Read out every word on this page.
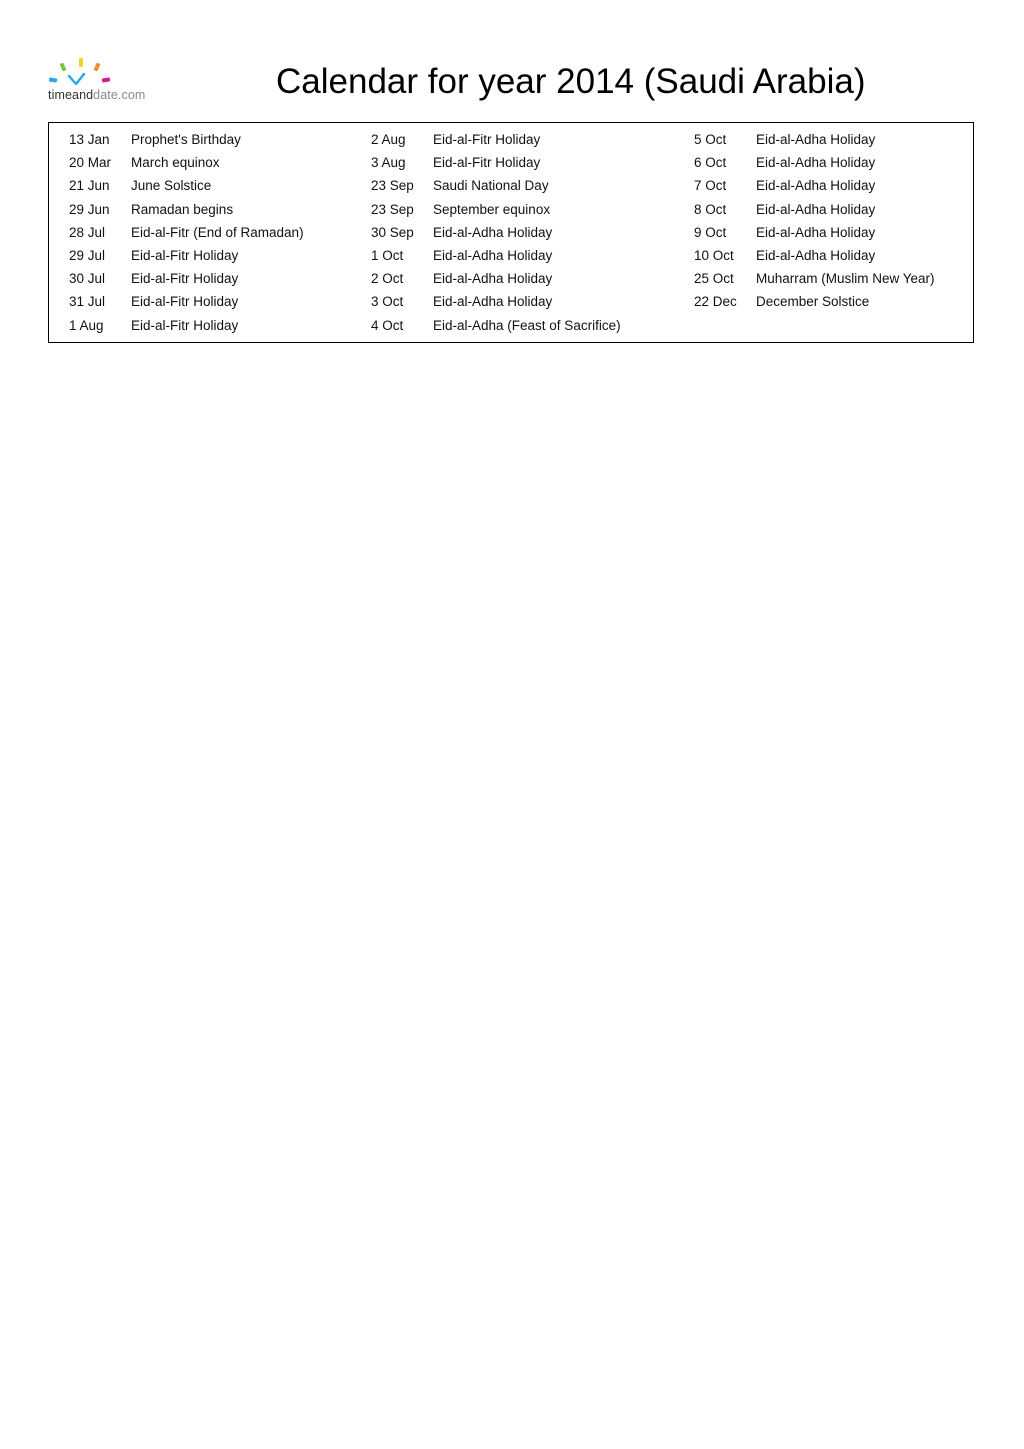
timeanddate.com	Calendar for year 2014 (Saudi Arabia)
13 Jan Prophet's Birthday
20 Mar March equinox
21 Jun June Solstice
29 Jun Ramadan begins
28 Jul Eid-al-Fitr (End of Ramadan)
29 Jul Eid-al-Fitr Holiday
30 Jul Eid-al-Fitr Holiday
31 Jul Eid-al-Fitr Holiday
1 Aug Eid-al-Fitr Holiday
2 Aug Eid-al-Fitr Holiday
3 Aug Eid-al-Fitr Holiday
23 Sep Saudi National Day
23 Sep September equinox
30 Sep Eid-al-Adha Holiday
1 Oct Eid-al-Adha Holiday
2 Oct Eid-al-Adha Holiday
3 Oct Eid-al-Adha Holiday
4 Oct Eid-al-Adha (Feast of Sacrifice)
5 Oct Eid-al-Adha Holiday
6 Oct Eid-al-Adha Holiday
7 Oct Eid-al-Adha Holiday
8 Oct Eid-al-Adha Holiday
9 Oct Eid-al-Adha Holiday
10 Oct Eid-al-Adha Holiday
25 Oct Muharram (Muslim New Year)
22 Dec December Solstice
